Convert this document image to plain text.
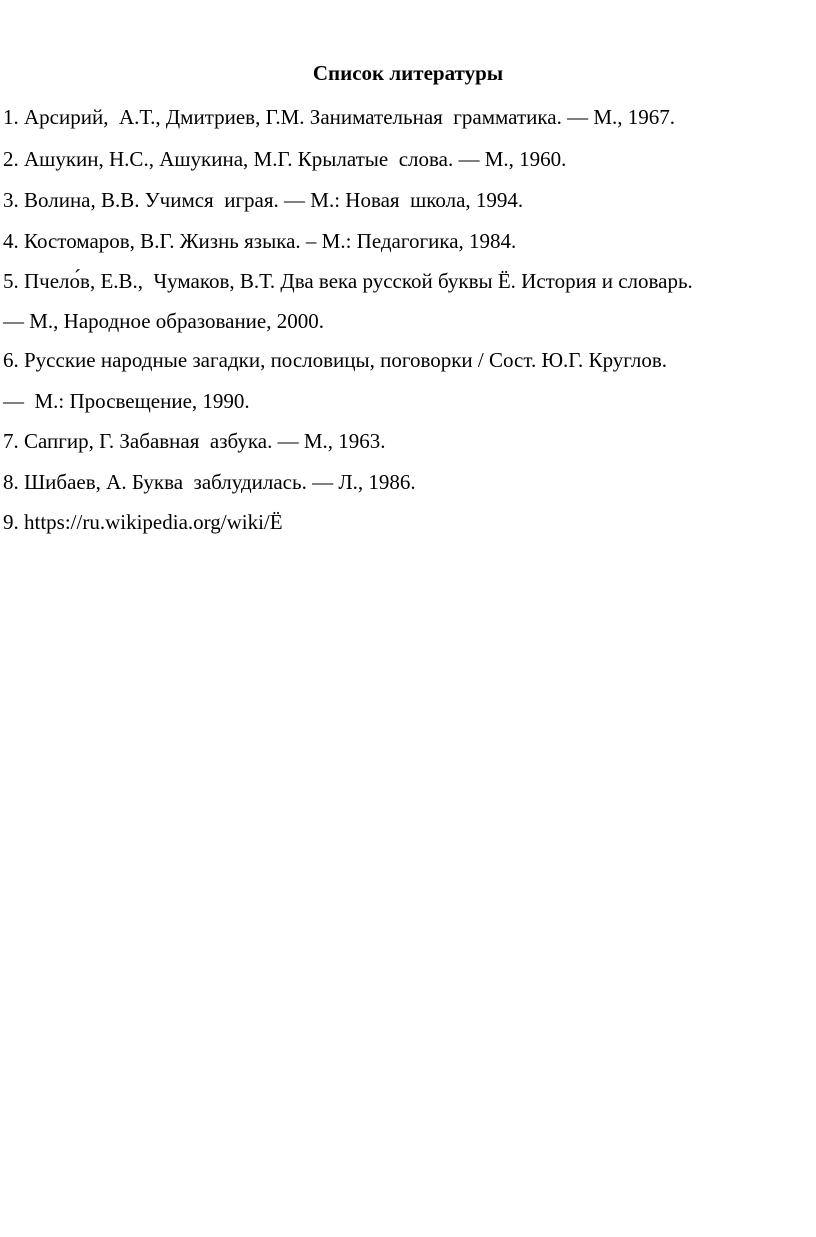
Список литературы

1. Арсирий,  А.Т., Дмитриев, Г.М. Занимательная  грамматика. — М., 1967.

2. Ашукин, Н.С., Ашукина, М.Г. Крылатые  слова. — М., 1960.

3. Волина, В.В. Учимся  играя. — М.: Новая  школа, 1994.

4. Костомаров, В.Г. Жизнь языка. – М.: Педагогика, 1984.

5. Пчело́в, Е.В.,  Чумаков, В.Т. Два века русской буквы Ё. История и словарь.

— М., Народное образование, 2000.

6. Русские народные загадки, пословицы, поговорки / Сост. Ю.Г. Круглов.

—  М.: Просвещение, 1990.

7. Сапгир, Г. Забавная  азбука. — М., 1963.

8. Шибаев, А. Буква  заблудилась. — Л., 1986.

9. https://ru.wikipedia.org/wiki/Ё
